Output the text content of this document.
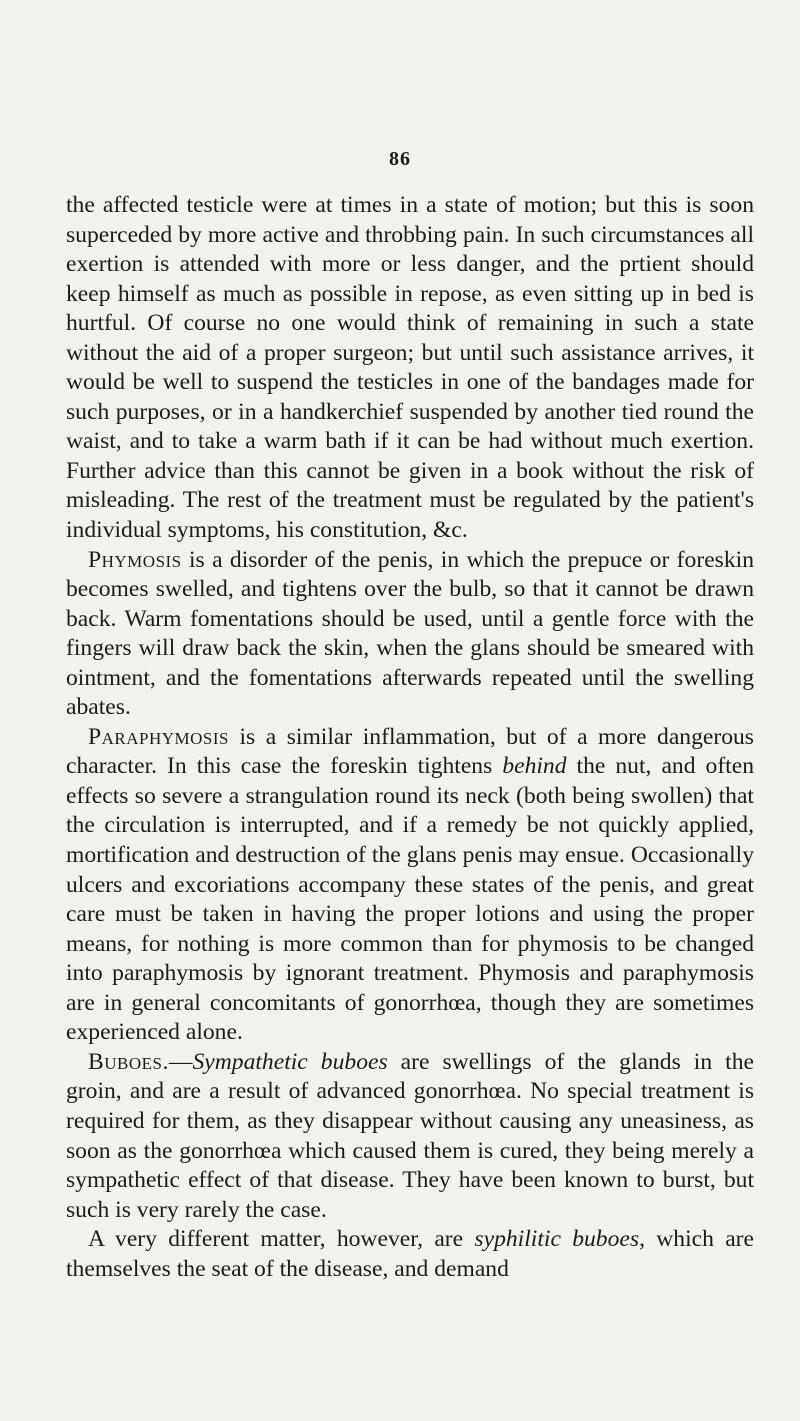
86

the affected testicle were at times in a state of motion; but this is soon superceded by more active and throbbing pain. In such circumstances all exertion is attended with more or less danger, and the prtient should keep himself as much as possible in repose, as even sitting up in bed is hurtful. Of course no one would think of remaining in such a state without the aid of a proper surgeon; but until such assistance arrives, it would be well to suspend the testicles in one of the bandages made for such purposes, or in a handkerchief suspended by another tied round the waist, and to take a warm bath if it can be had without much exertion. Further advice than this cannot be given in a book without the risk of misleading. The rest of the treatment must be regulated by the patient's individual symptoms, his constitution, &c.

Phymosis is a disorder of the penis, in which the prepuce or foreskin becomes swelled, and tightens over the bulb, so that it cannot be drawn back. Warm fomentations should be used, until a gentle force with the fingers will draw back the skin, when the glans should be smeared with ointment, and the fomentations afterwards repeated until the swelling abates.

Paraphymosis is a similar inflammation, but of a more dangerous character. In this case the foreskin tightens behind the nut, and often effects so severe a strangulation round its neck (both being swollen) that the circulation is interrupted, and if a remedy be not quickly applied, mortification and destruction of the glans penis may ensue. Occasionally ulcers and excoriations accompany these states of the penis, and great care must be taken in having the proper lotions and using the proper means, for nothing is more common than for phymosis to be changed into paraphymosis by ignorant treatment. Phymosis and paraphymosis are in general concomitants of gonorrhœa, though they are sometimes experienced alone.

Buboes.—Sympathetic buboes are swellings of the glands in the groin, and are a result of advanced gonorrhœa. No special treatment is required for them, as they disappear without causing any uneasiness, as soon as the gonorrhœa which caused them is cured, they being merely a sympathetic effect of that disease. They have been known to burst, but such is very rarely the case.

A very different matter, however, are syphilitic buboes, which are themselves the seat of the disease, and demand
